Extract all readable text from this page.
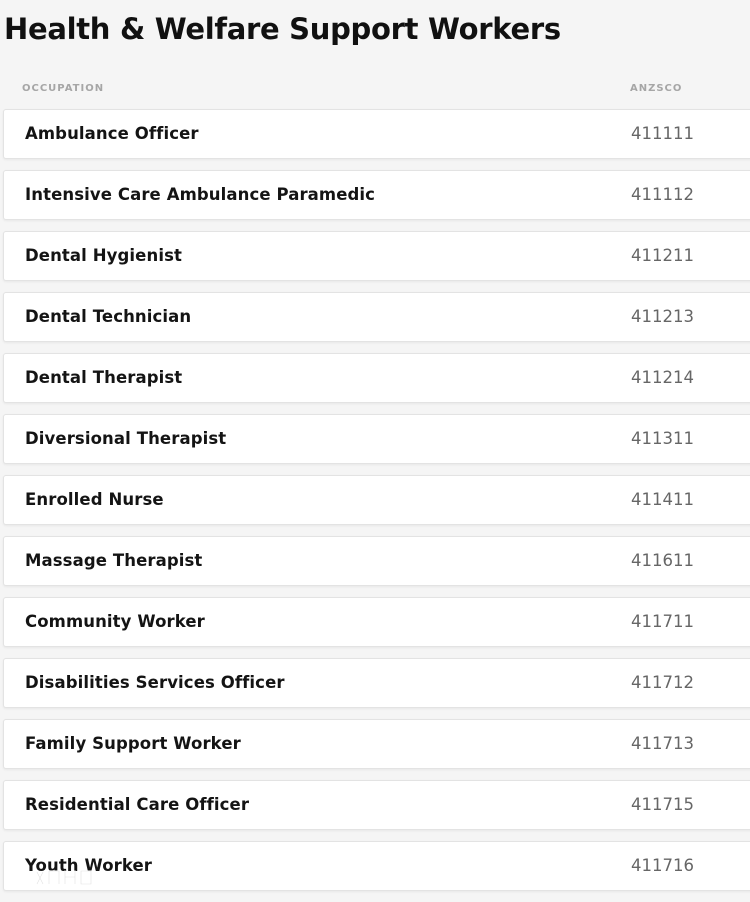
Health & Welfare Support Workers
OCCUPATION	ANZSCO
Ambulance Officer	411111
Intensive Care Ambulance Paramedic	411112
Dental Hygienist	411211
Dental Technician	411213
Dental Therapist	411214
Diversional Therapist	411311
Enrolled Nurse	411411
Massage Therapist	411611
Community Worker	411711
Disabilities Services Officer	411712
Family Support Worker	411713
Residential Care Officer	411715
Youth Worker	411716
